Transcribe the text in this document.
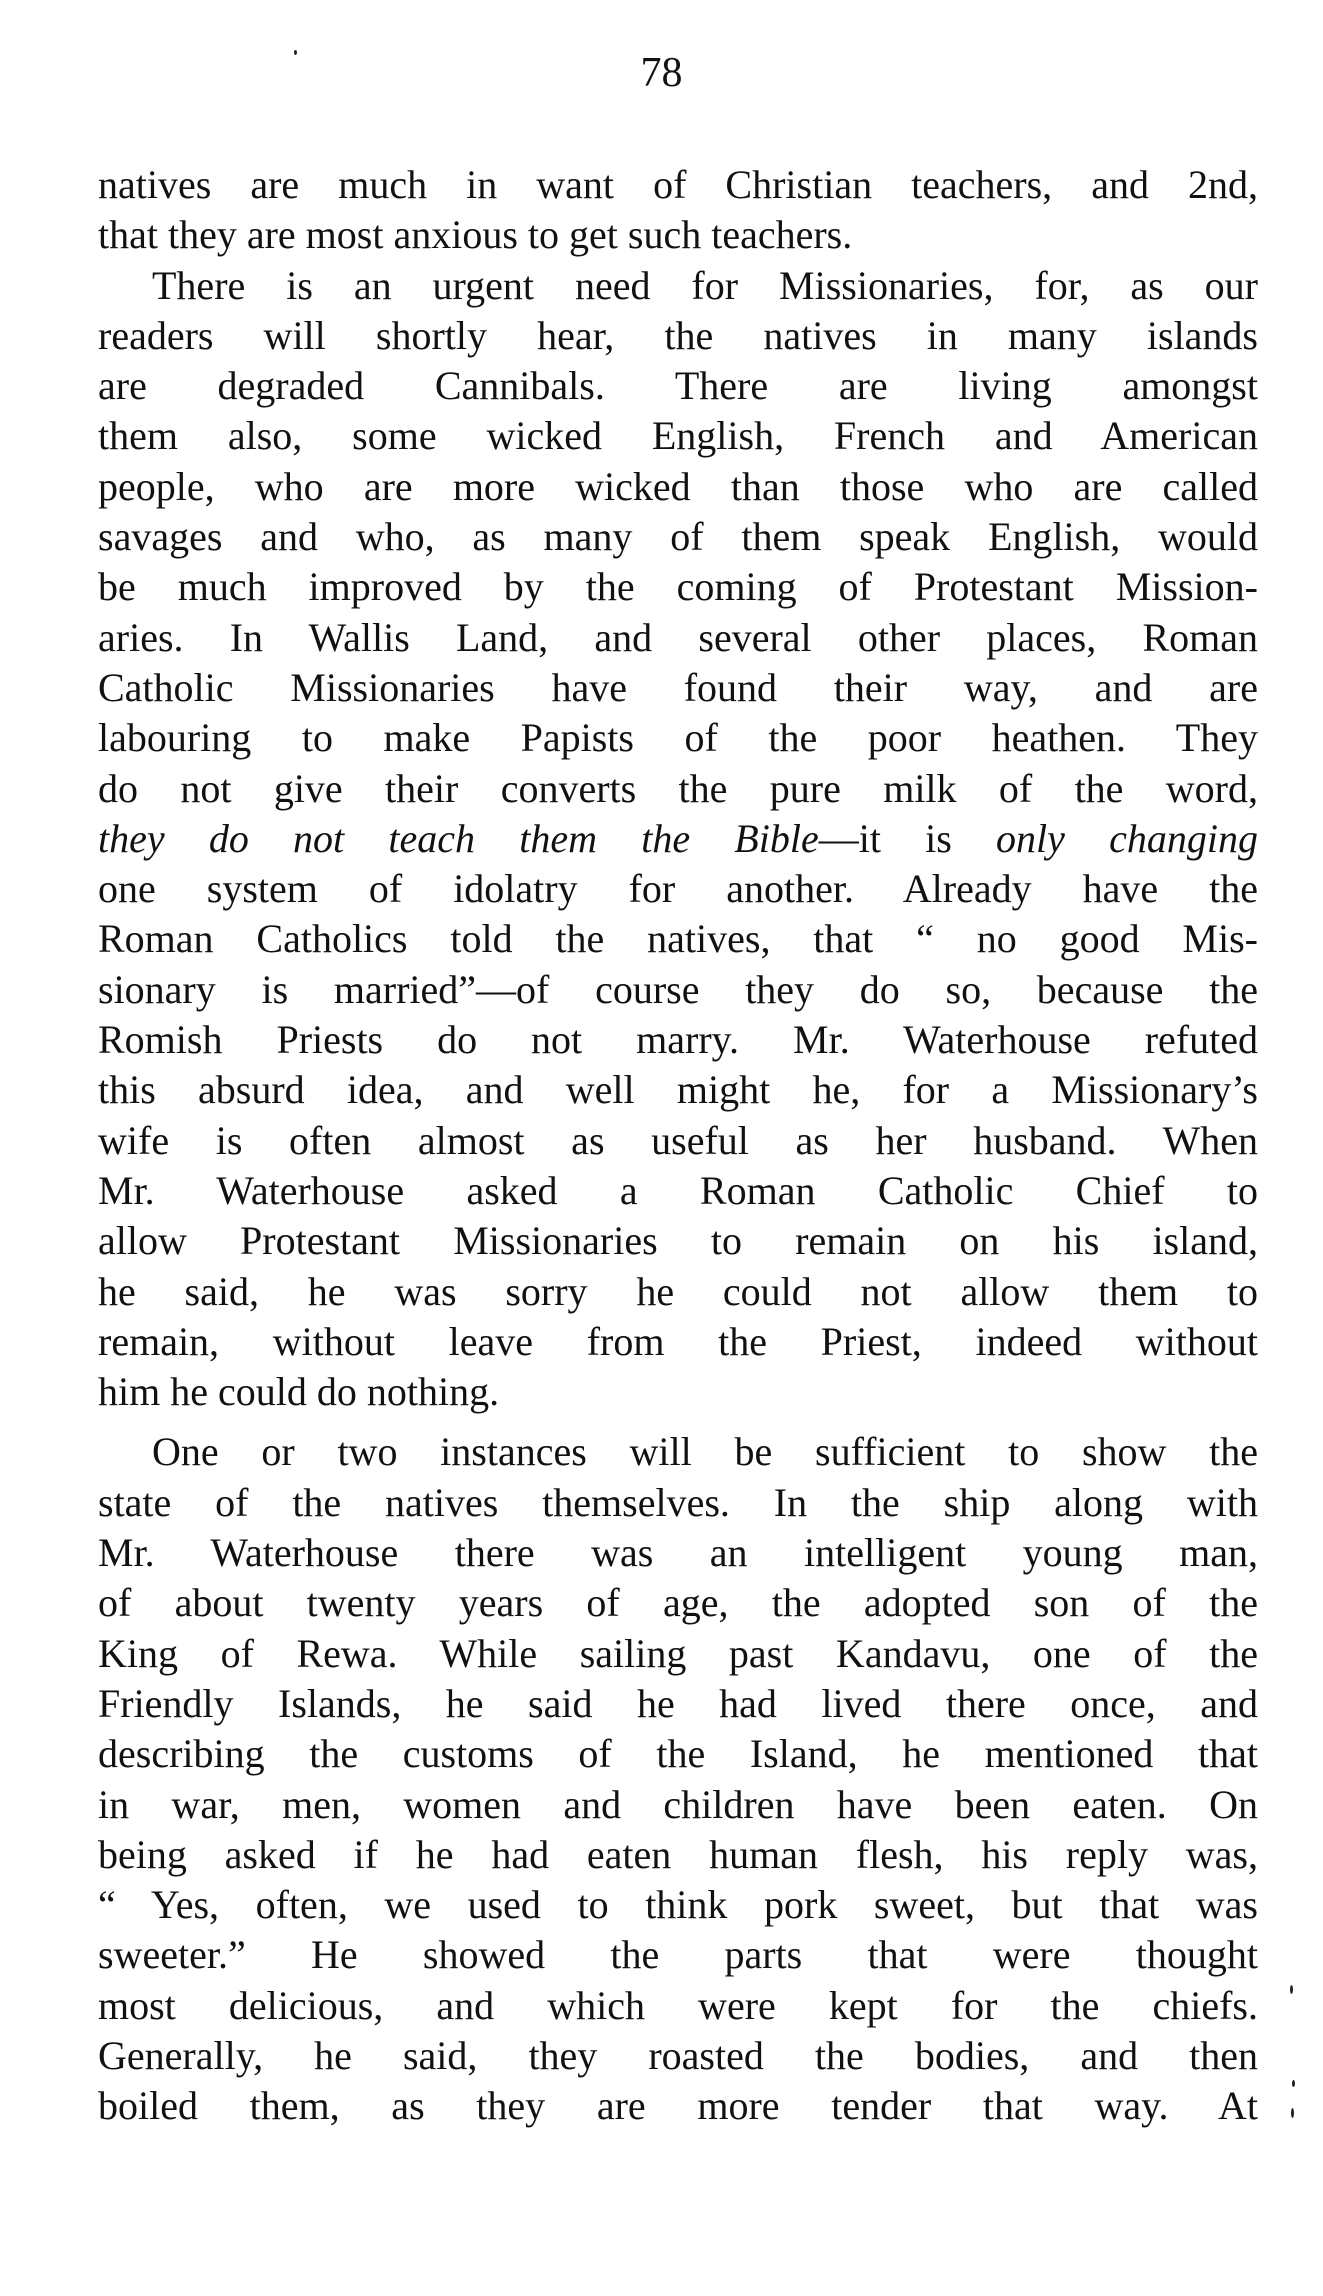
78
natives are much in want of Christian teachers, and 2nd,
that they are most anxious to get such teachers.
There is an urgent need for Missionaries, for, as our
readers will shortly hear, the natives in many islands
are degraded Cannibals. There are living amongst
them also, some wicked English, French and American
people, who are more wicked than those who are called
savages and who, as many of them speak English, would
be much improved by the coming of Protestant Mission-
aries. In Wallis Land, and several other places, Roman
Catholic Missionaries have found their way, and are
labouring to make Papists of the poor heathen. They
do not give their converts the pure milk of the word,
they do not teach them the Bible—it is only changing
one system of idolatry for another. Already have the
Roman Catholics told the natives, that “ no good Mis-
sionary is married”—of course they do so, because the
Romish Priests do not marry. Mr. Waterhouse refuted
this absurd idea, and well might he, for a Missionary’s
wife is often almost as useful as her husband. When
Mr. Waterhouse asked a Roman Catholic Chief to
allow Protestant Missionaries to remain on his island,
he said, he was sorry he could not allow them to
remain, without leave from the Priest, indeed without
him he could do nothing.
One or two instances will be sufficient to show the
state of the natives themselves. In the ship along with
Mr. Waterhouse there was an intelligent young man,
of about twenty years of age, the adopted son of the
King of Rewa. While sailing past Kandavu, one of the
Friendly Islands, he said he had lived there once, and
describing the customs of the Island, he mentioned that
in war, men, women and children have been eaten. On
being asked if he had eaten human flesh, his reply was,
“ Yes, often, we used to think pork sweet, but that was
sweeter.” He showed the parts that were thought
most delicious, and which were kept for the chiefs.
Generally, he said, they roasted the bodies, and then
boiled them, as they are more tender that way. At
